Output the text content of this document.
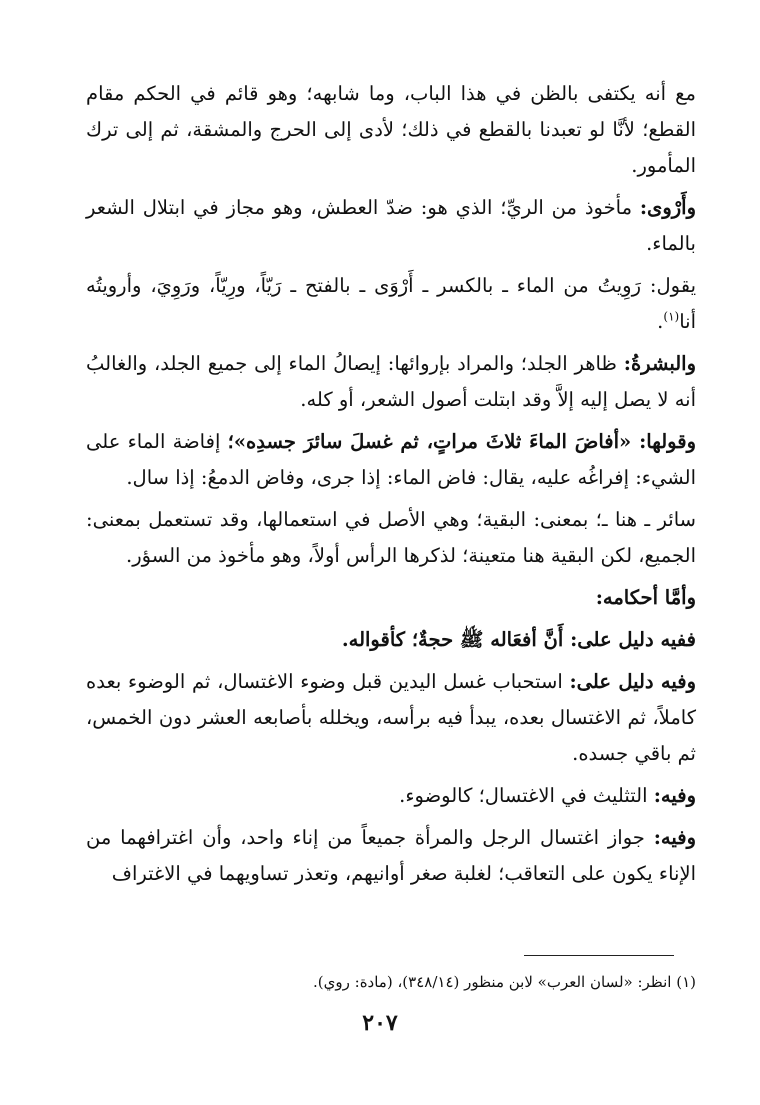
مع أنه يكتفى بالظن في هذا الباب، وما شابهه؛ وهو قائم في الحكم مقام القطع؛ لأنَّا لو تعبدنا بالقطع في ذلك؛ لأدى إلى الحرج والمشقة، ثم إلى ترك المأمور.

وأَرْوى: مأخوذ من الريِّ؛ الذي هو: ضدّ العطش، وهو مجاز في ابتلال الشعر بالماء.

يقول: رَوِيتُ من الماء ـ بالكسر ـ أَرْوَى ـ بالفتح ـ رَيّاً، ورِيّاً، ورَوِيَ، وأرويتُه أنا$^{(١)}$.

والبشرةُ: ظاهر الجلد؛ والمراد بإروائها: إيصالُ الماء إلى جميع الجلد، والغالبُ أنه لا يصل إليه إلاَّ وقد ابتلت أصول الشعر، أو كله.

وقولها: «أفاضَ الماءَ ثلاثَ مراتٍ، ثم غسلَ سائرَ جسدِه»؛ إفاضة الماء على الشيء: إفراغُه عليه، يقال: فاض الماء: إذا جرى، وفاض الدمعُ: إذا سال.

سائر ـ هنا ـ؛ بمعنى: البقية؛ وهي الأصل في استعمالها، وقد تستعمل بمعنى: الجميع، لكن البقية هنا متعينة؛ لذكرها الرأس أولاً، وهو مأخوذ من السؤر.

وأمَّا أحكامه:

ففيه دليل على: أَنَّ أفعَاله ﷺ حجةٌ؛ كأقواله.

وفيه دليل على: استحباب غسل اليدين قبل وضوء الاغتسال، ثم الوضوء بعده كاملاً، ثم الاغتسال بعده، يبدأ فيه برأسه، ويخلله بأصابعه العشر دون الخمس، ثم باقي جسده.

وفيه: التثليث في الاغتسال؛ كالوضوء.

وفيه: جواز اغتسال الرجل والمرأة جميعاً من إناء واحد، وأن اغترافهما من الإناء يكون على التعاقب؛ لغلبة صغر أوانيهم، وتعذر تساويهما في الاغتراف

(١) انظر: «لسان العرب» لابن منظور (٣٤٨/١٤)، (مادة: روي).
٢٠٧
